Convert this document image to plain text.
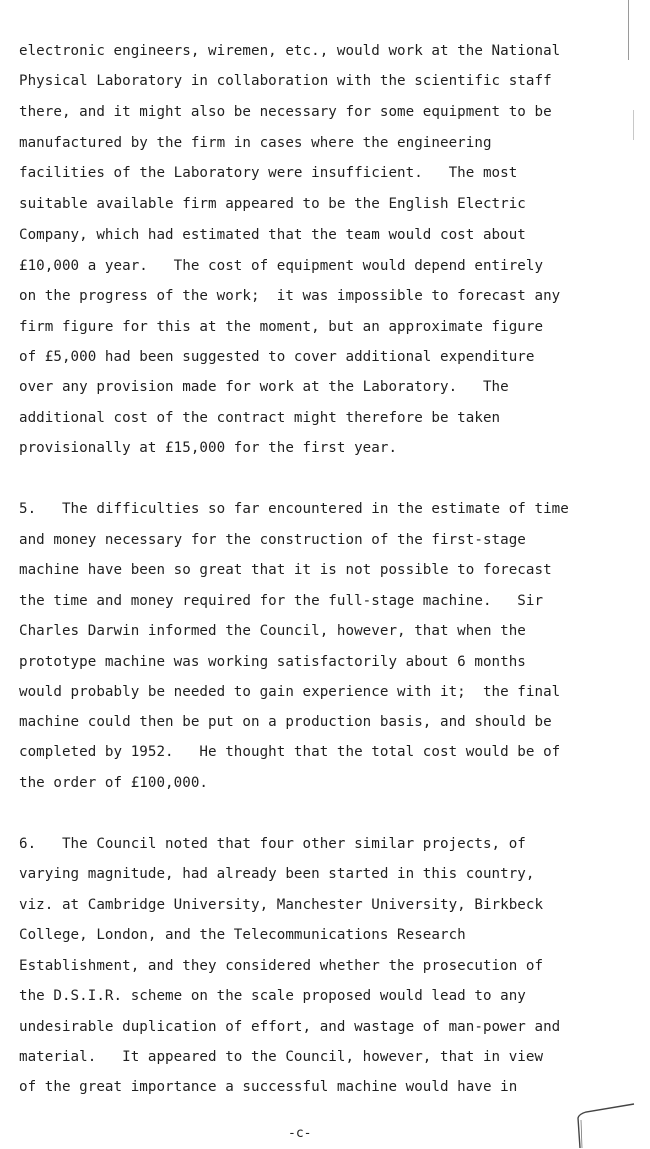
electronic engineers, wiremen, etc., would work at the National
Physical Laboratory in collaboration with the scientific staff
there, and it might also be necessary for some equipment to be
manufactured by the firm in cases where the engineering
facilities of the Laboratory were insufficient.   The most
suitable available firm appeared to be the English Electric
Company, which had estimated that the team would cost about
£10,000 a year.   The cost of equipment would depend entirely
on the progress of the work;  it was impossible to forecast any
firm figure for this at the moment, but an approximate figure
of £5,000 had been suggested to cover additional expenditure
over any provision made for work at the Laboratory.   The
additional cost of the contract might therefore be taken
provisionally at £15,000 for the first year.
5.   The difficulties so far encountered in the estimate of time
and money necessary for the construction of the first-stage
machine have been so great that it is not possible to forecast
the time and money required for the full-stage machine.   Sir
Charles Darwin informed the Council, however, that when the
prototype machine was working satisfactorily about 6 months
would probably be needed to gain experience with it;  the final
machine could then be put on a production basis, and should be
completed by 1952.   He thought that the total cost would be of
the order of £100,000.
6.   The Council noted that four other similar projects, of
varying magnitude, had already been started in this country,
viz. at Cambridge University, Manchester University, Birkbeck
College, London, and the Telecommunications Research
Establishment, and they considered whether the prosecution of
the D.S.I.R. scheme on the scale proposed would lead to any
undesirable duplication of effort, and wastage of man-power and
material.   It appeared to the Council, however, that in view
of the great importance a successful machine would have in
-c-
